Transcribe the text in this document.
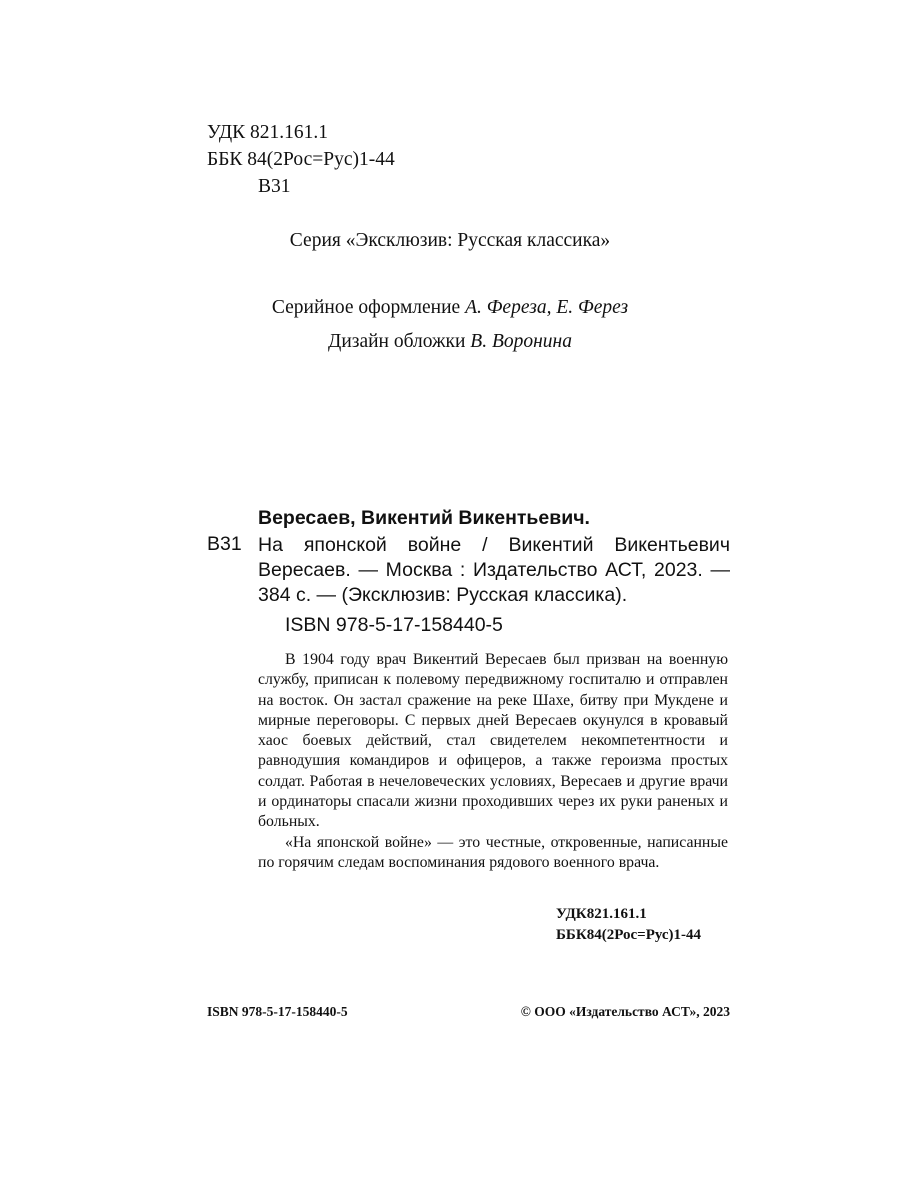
УДК 821.161.1
ББК 84(2Рос=Рус)1-44
В31
Серия «Эксклюзив: Русская классика»
Серийное оформление А. Фереза, Е. Ферез
Дизайн обложки В. Воронина
Вересаев, Викентий Викентьевич.
В31 На японской войне / Викентий Викентьевич Вересаев. — Москва : Издательство АСТ, 2023. — 384 с. — (Эксклюзив: Русская классика).
ISBN 978-5-17-158440-5

В 1904 году врач Викентий Вересаев был призван на военную службу, приписан к полевому передвижному госпиталю и отправлен на восток. Он застал сражение на реке Шахе, битву при Мукдене и мирные переговоры. С первых дней Вересаев окунулся в кровавый хаос боевых действий, стал свидетелем некомпетентности и равнодушия командиров и офицеров, а также героизма простых солдат. Работая в нечеловеческих условиях, Вересаев и другие врачи и ординаторы спасали жизни проходивших через их руки раненых и больных.

«На японской войне» — это честные, откровенные, написанные по горячим следам воспоминания рядового военного врача.

УДК821.161.1
ББК84(2Рос=Рус)1-44
ISBN 978-5-17-158440-5	© ООО «Издательство АСТ», 2023
